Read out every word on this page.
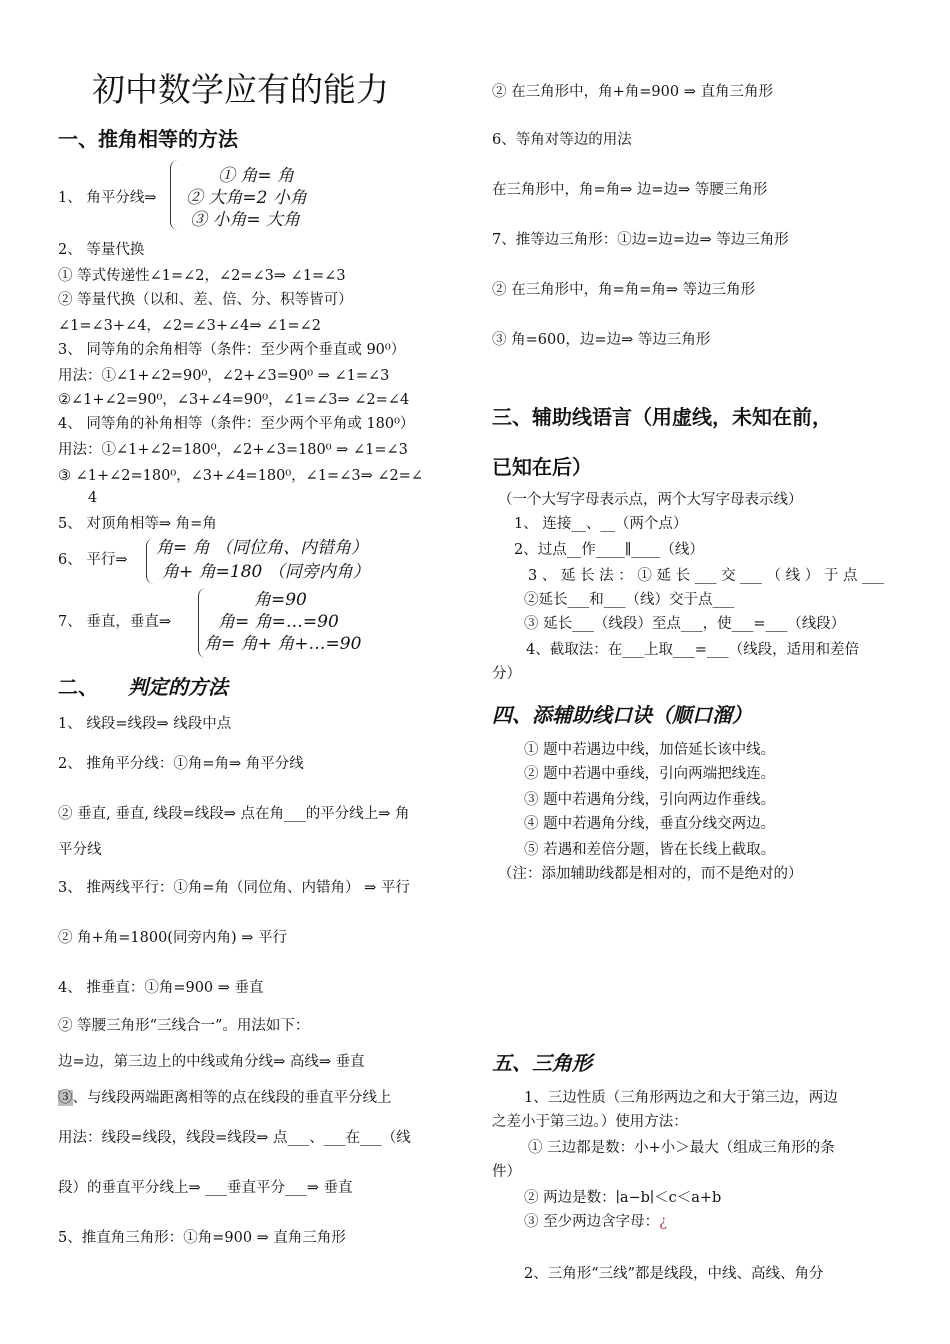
初中数学应有的能力
一、推角相等的方法
1、 角平分线⇒
① 角= 角
② 大角=2 小角
③ 小角= 大角
2、 等量代换
① 等式传递性∠1=∠2，∠2=∠3⇒ ∠1=∠3
② 等量代换（以和、差、倍、分、积等皆可）
∠1=∠3+∠4，∠2=∠3+∠4⇒ ∠1=∠2
3、 同等角的余角相等（条件：至少两个垂直或 90⁰）
用法：①∠1+∠2=90⁰，∠2+∠3=90⁰ ⇒ ∠1=∠3
②∠1+∠2=90⁰，∠3+∠4=90⁰，∠1=∠3⇒ ∠2=∠4
4、 同等角的补角相等（条件：至少两个平角或 180⁰）
用法：①∠1+∠2=180⁰，∠2+∠3=180⁰ ⇒ ∠1=∠3
③ ∠1+∠2=180⁰，∠3+∠4=180⁰，∠1=∠3⇒ ∠2=∠
4
5、 对顶角相等⇒ 角=角
6、 平行⇒
角= 角 （同位角、内错角）
角+ 角=180 （同旁内角）
7、 垂直，垂直⇒
角=90
角= 角=…=90
角= 角+ 角+…=90
二、 判定的方法
1、 线段=线段⇒ 线段中点
2、 推角平分线：①角=角⇒ 角平分线
② 垂直, 垂直, 线段=线段⇒ 点在角___的平分线上⇒ 角
平分线
3、 推两线平行：①角=角（同位角、内错角） ⇒ 平行
② 角+角=1800(同旁内角) ⇒ 平行
4、 推垂直：①角=900 ⇒ 垂直
② 等腰三角形“三线合一”。用法如下：
边=边，第三边上的中线或角分线⇒ 高线⇒ 垂直
③、与线段两端距离相等的点在线段的垂直平分线上
用法：线段=线段，线段=线段⇒ 点___、___在___（线
段）的垂直平分线上⇒ ___垂直平分___⇒ 垂直
5、推直角三角形：①角=900 ⇒ 直角三角形
② 在三角形中，角+角=900 ⇒ 直角三角形
6、等角对等边的用法
在三角形中，角=角⇒ 边=边⇒ 等腰三角形
7、推等边三角形：①边=边=边⇒ 等边三角形
② 在三角形中，角=角=角⇒ 等边三角形
③ 角=600，边=边⇒ 等边三角形
三、辅助线语言（用虚线，未知在前，
已知在后）
（一个大写字母表示点，两个大写字母表示线）
1、 连接__、__（两个点）
2、过点__作____∥____（线）
3 、 延 长 法 ： ① 延 长 ___ 交 ___ （ 线 ） 于 点 ___
②延长___和___（线）交于点___
③ 延长___（线段）至点___，使___=___（线段）
4、截取法：在___上取___=___（线段，适用和差倍
分）
四、添辅助线口诀（顺口溜）
① 题中若遇边中线，加倍延长该中线。
② 题中若遇中垂线，引向两端把线连。
③ 题中若遇角分线，引向两边作垂线。
④ 题中若遇角分线，垂直分线交两边。
⑤ 若遇和差倍分题，皆在长线上截取。
（注：添加辅助线都是相对的，而不是绝对的）
五、三角形
1、三边性质（三角形两边之和大于第三边，两边
之差小于第三边。）使用方法：
① 三边都是数：小+小＞最大（组成三角形的条
件）
② 两边是数：∣a−b∣＜c＜a+b
③ 至少两边含字母：¿
2、三角形“三线”都是线段，中线、高线、角分
